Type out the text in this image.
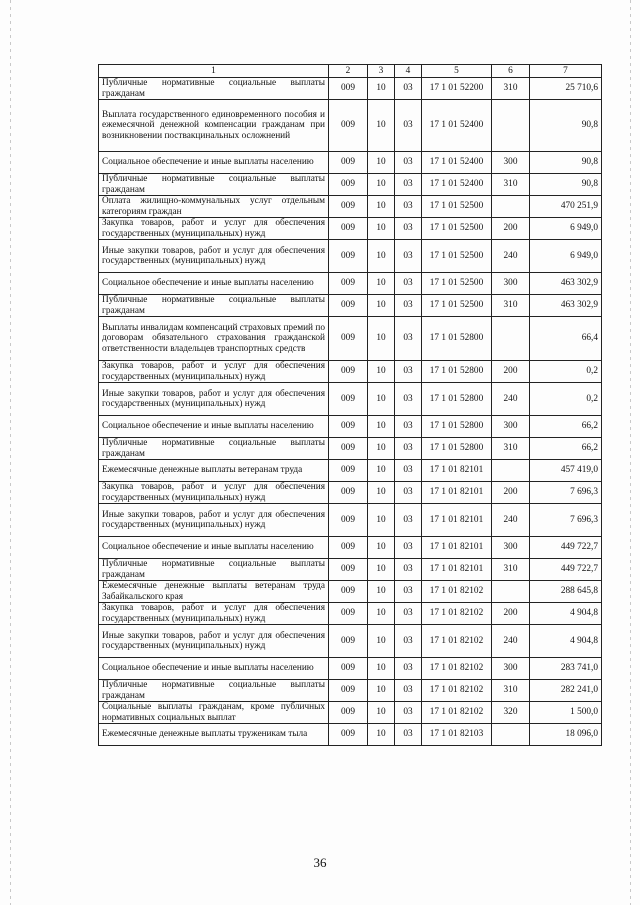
1	2	3	4	5	6	7
Публичные нормативные социальные выплаты гражданам	009	10	03	17 1 01 52200	310	25 710,6
Выплата государственного единовременного пособия и ежемесячной денежной компенсации гражданам при возникновении поствакцинальных осложнений	009	10	03	17 1 01 52400		90,8
Социальное обеспечение и иные выплаты населению	009	10	03	17 1 01 52400	300	90,8
Публичные нормативные социальные выплаты гражданам	009	10	03	17 1 01 52400	310	90,8
Оплата жилищно-коммунальных услуг отдельным категориям граждан	009	10	03	17 1 01 52500		470 251,9
Закупка товаров, работ и услуг для обеспечения государственных (муниципальных) нужд	009	10	03	17 1 01 52500	200	6 949,0
Иные закупки товаров, работ и услуг для обеспечения государственных (муниципальных) нужд	009	10	03	17 1 01 52500	240	6 949,0
Социальное обеспечение и иные выплаты населению	009	10	03	17 1 01 52500	300	463 302,9
Публичные нормативные социальные выплаты гражданам	009	10	03	17 1 01 52500	310	463 302,9
Выплаты инвалидам компенсаций страховых премий по договорам обязательного страхования гражданской ответственности владельцев транспортных средств	009	10	03	17 1 01 52800		66,4
Закупка товаров, работ и услуг для обеспечения государственных (муниципальных) нужд	009	10	03	17 1 01 52800	200	0,2
Иные закупки товаров, работ и услуг для обеспечения государственных (муниципальных) нужд	009	10	03	17 1 01 52800	240	0,2
Социальное обеспечение и иные выплаты населению	009	10	03	17 1 01 52800	300	66,2
Публичные нормативные социальные выплаты гражданам	009	10	03	17 1 01 52800	310	66,2
Ежемесячные денежные выплаты ветеранам труда	009	10	03	17 1 01 82101		457 419,0
Закупка товаров, работ и услуг для обеспечения государственных (муниципальных) нужд	009	10	03	17 1 01 82101	200	7 696,3
Иные закупки товаров, работ и услуг для обеспечения государственных (муниципальных) нужд	009	10	03	17 1 01 82101	240	7 696,3
Социальное обеспечение и иные выплаты населению	009	10	03	17 1 01 82101	300	449 722,7
Публичные нормативные социальные выплаты гражданам	009	10	03	17 1 01 82101	310	449 722,7
Ежемесячные денежные выплаты ветеранам труда Забайкальского края	009	10	03	17 1 01 82102		288 645,8
Закупка товаров, работ и услуг для обеспечения государственных (муниципальных) нужд	009	10	03	17 1 01 82102	200	4 904,8
Иные закупки товаров, работ и услуг для обеспечения государственных (муниципальных) нужд	009	10	03	17 1 01 82102	240	4 904,8
Социальное обеспечение и иные выплаты населению	009	10	03	17 1 01 82102	300	283 741,0
Публичные нормативные социальные выплаты гражданам	009	10	03	17 1 01 82102	310	282 241,0
Социальные выплаты гражданам, кроме публичных нормативных социальных выплат	009	10	03	17 1 01 82102	320	1 500,0
Ежемесячные денежные выплаты труженикам тыла	009	10	03	17 1 01 82103		18 096,0
36
